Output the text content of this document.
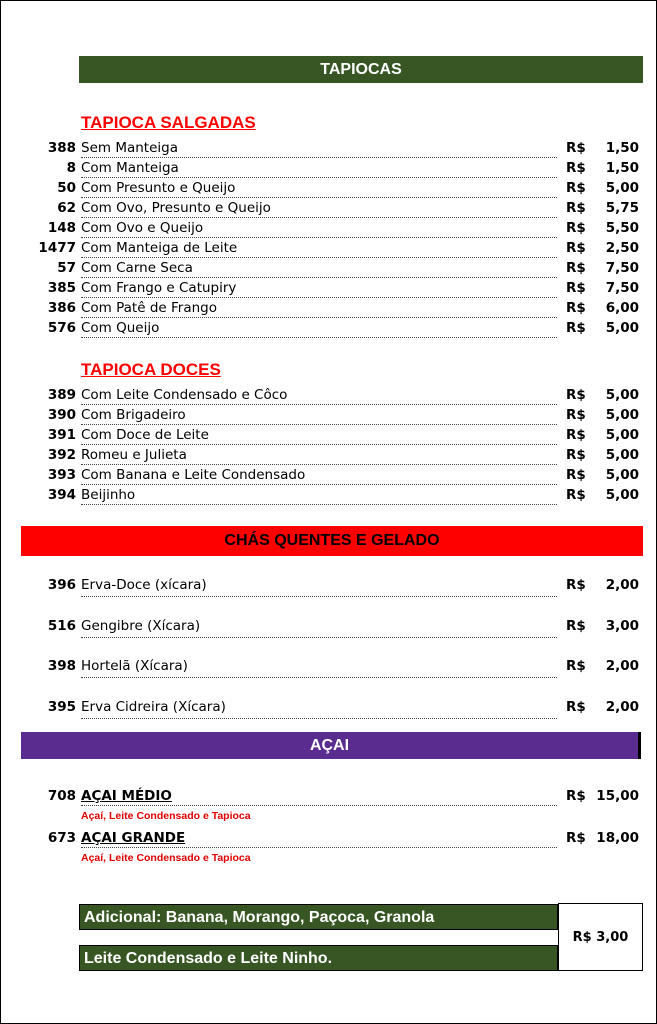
TAPIOCAS
TAPIOCA SALGADAS
388 Sem Manteiga	R$ 1,50
8 Com Manteiga	R$ 1,50
50 Com Presunto e Queijo	R$ 5,00
62 Com Ovo, Presunto e Queijo	R$ 5,75
148 Com Ovo e Queijo	R$ 5,50
1477 Com Manteiga de Leite	R$ 2,50
57 Com Carne Seca	R$ 7,50
385 Com Frango e Catupiry	R$ 7,50
386 Com Patê de Frango	R$ 6,00
576 Com Queijo	R$ 5,00
TAPIOCA DOCES
389 Com Leite Condensado e Côco	R$ 5,00
390 Com Brigadeiro	R$ 5,00
391 Com Doce de Leite	R$ 5,00
392 Romeu e Julieta	R$ 5,00
393 Com Banana e Leite Condensado	R$ 5,00
394 Beijinho	R$ 5,00
CHÁS QUENTES E GELADO
396 Erva-Doce (xícara)	R$ 2,00
516 Gengibre (Xícara)	R$ 3,00
398 Hortelã (Xícara)	R$ 2,00
395 Erva Cidreira (Xícara)	R$ 2,00
AÇAI
708 AÇAI MÉDIO	R$ 15,00
Açaí, Leite Condensado e Tapioca
673 AÇAI GRANDE	R$ 18,00
Açaí, Leite Condensado e Tapioca
Adicional: Banana, Morango, Paçoca, Granola
Leite Condensado e Leite Ninho.
R$ 3,00
